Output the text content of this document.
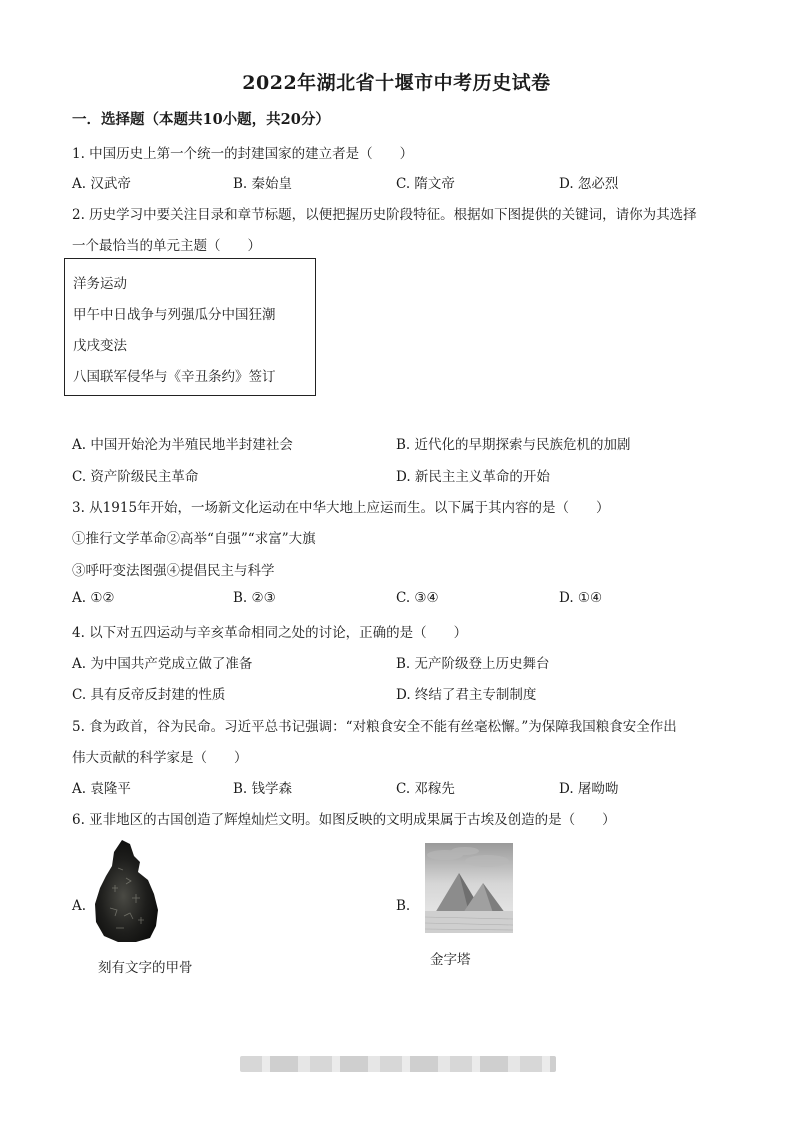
2022年湖北省十堰市中考历史试卷
一．选择题（本题共10小题，共20分）
1. 中国历史上第一个统一的封建国家的建立者是（　　）
A. 汉武帝	B. 秦始皇	C. 隋文帝	D. 忽必烈
2. 历史学习中要关注目录和章节标题，以便把握历史阶段特征。根据如下图提供的关键词，请你为其选择
一个最恰当的单元主题（　　）
洋务运动
甲午中日战争与列强瓜分中国狂潮
戊戌变法
八国联军侵华与《辛丑条约》签订
A. 中国开始沦为半殖民地半封建社会	B. 近代化的早期探索与民族危机的加剧
C. 资产阶级民主革命	D. 新民主主义革命的开始
3. 从1915年开始，一场新文化运动在中华大地上应运而生。以下属于其内容的是（　　）
①推行文学革命②高举“自强”“求富”大旗
③呼吁变法图强④提倡民主与科学
A. ①②	B. ②③	C. ③④	D. ①④
4. 以下对五四运动与辛亥革命相同之处的讨论，正确的是（　　）
A. 为中国共产党成立做了准备	B. 无产阶级登上历史舞台
C. 具有反帝反封建的性质	D. 终结了君主专制制度
5. 食为政首，谷为民命。习近平总书记强调：“对粮食安全不能有丝毫松懈。”为保障我国粮食安全作出
伟大贡献的科学家是（　　）
A. 袁隆平	B. 钱学森	C. 邓稼先	D. 屠呦呦
6. 亚非地区的古国创造了辉煌灿烂文明。如图反映的文明成果属于古埃及创造的是（　　）
A.
刻有文字的甲骨
B.
金字塔
